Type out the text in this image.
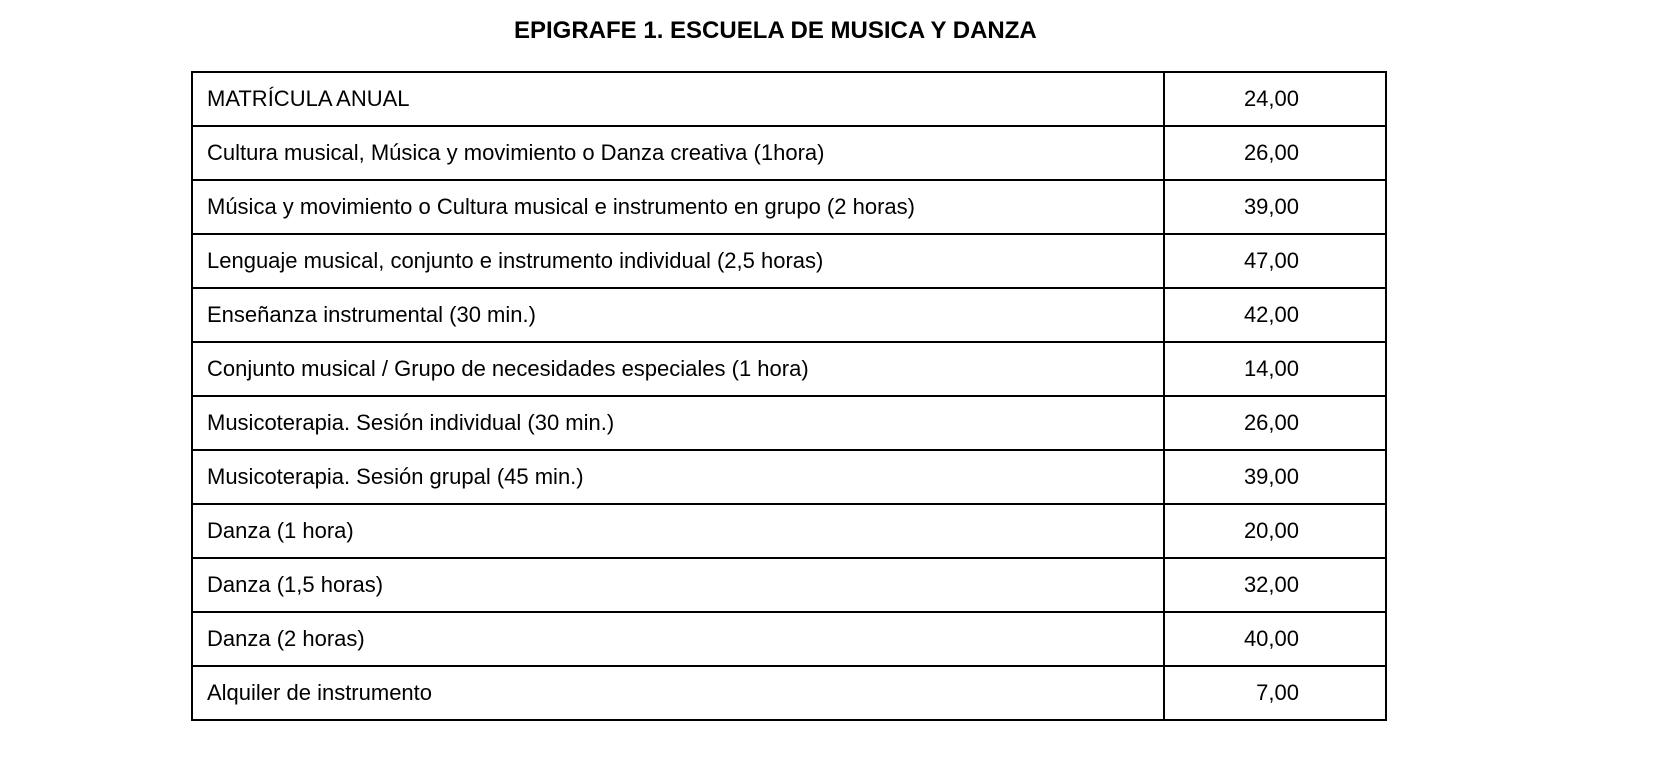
EPIGRAFE 1. ESCUELA DE MUSICA Y DANZA
MATRÍCULA ANUAL	24,00
Cultura musical, Música y movimiento o Danza creativa (1hora)	26,00
Música y movimiento o Cultura musical e instrumento en grupo (2 horas)	39,00
Lenguaje musical, conjunto e instrumento individual (2,5 horas)	47,00
Enseñanza instrumental (30 min.)	42,00
Conjunto musical / Grupo de necesidades especiales (1 hora)	14,00
Musicoterapia. Sesión individual (30 min.)	26,00
Musicoterapia. Sesión grupal (45 min.)	39,00
Danza (1 hora)	20,00
Danza (1,5 horas)	32,00
Danza (2 horas)	40,00
Alquiler de instrumento	7,00
